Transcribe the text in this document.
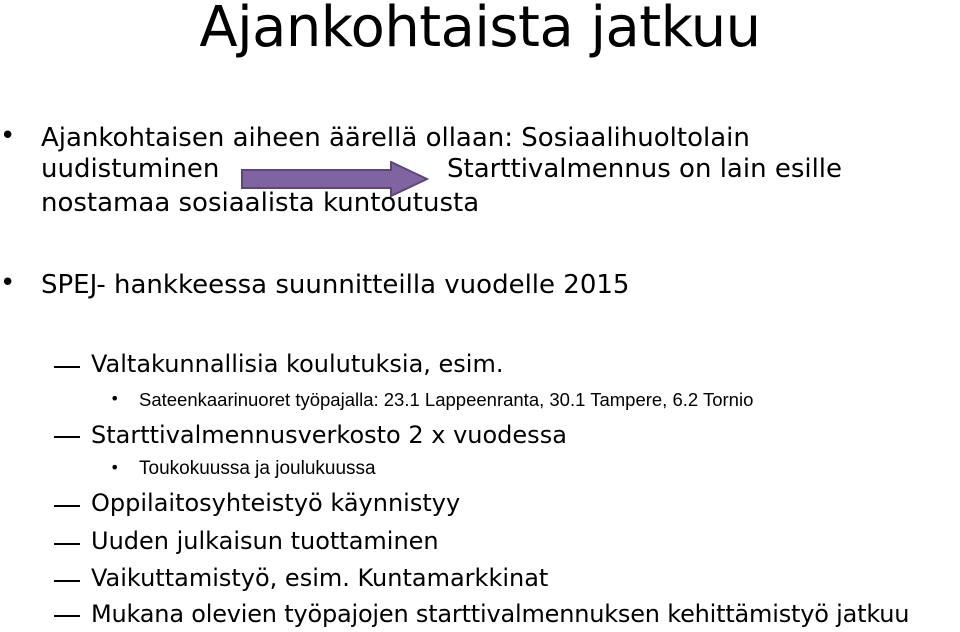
Ajankohtaista jatkuu
• Ajankohtaisen aiheen äärellä ollaan: Sosiaalihuoltolain
uudistuminen	Starttivalmennus on lain esille
nostamaa sosiaalista kuntoutusta
• SPEJ- hankkeessa suunnitteilla vuodelle 2015
Valtakunnallisia koulutuksia, esim.
• Sateenkaarinuoret työpajalla: 23.1 Lappeenranta, 30.1 Tampere, 6.2 Tornio
Starttivalmennusverkosto 2 x vuodessa
• Toukokuussa ja joulukuussa
Oppilaitosyhteistyö käynnistyy
Uuden julkaisun tuottaminen
Vaikuttamistyö, esim. Kuntamarkkinat
Mukana olevien työpajojen starttivalmennuksen kehittämistyö jatkuu
